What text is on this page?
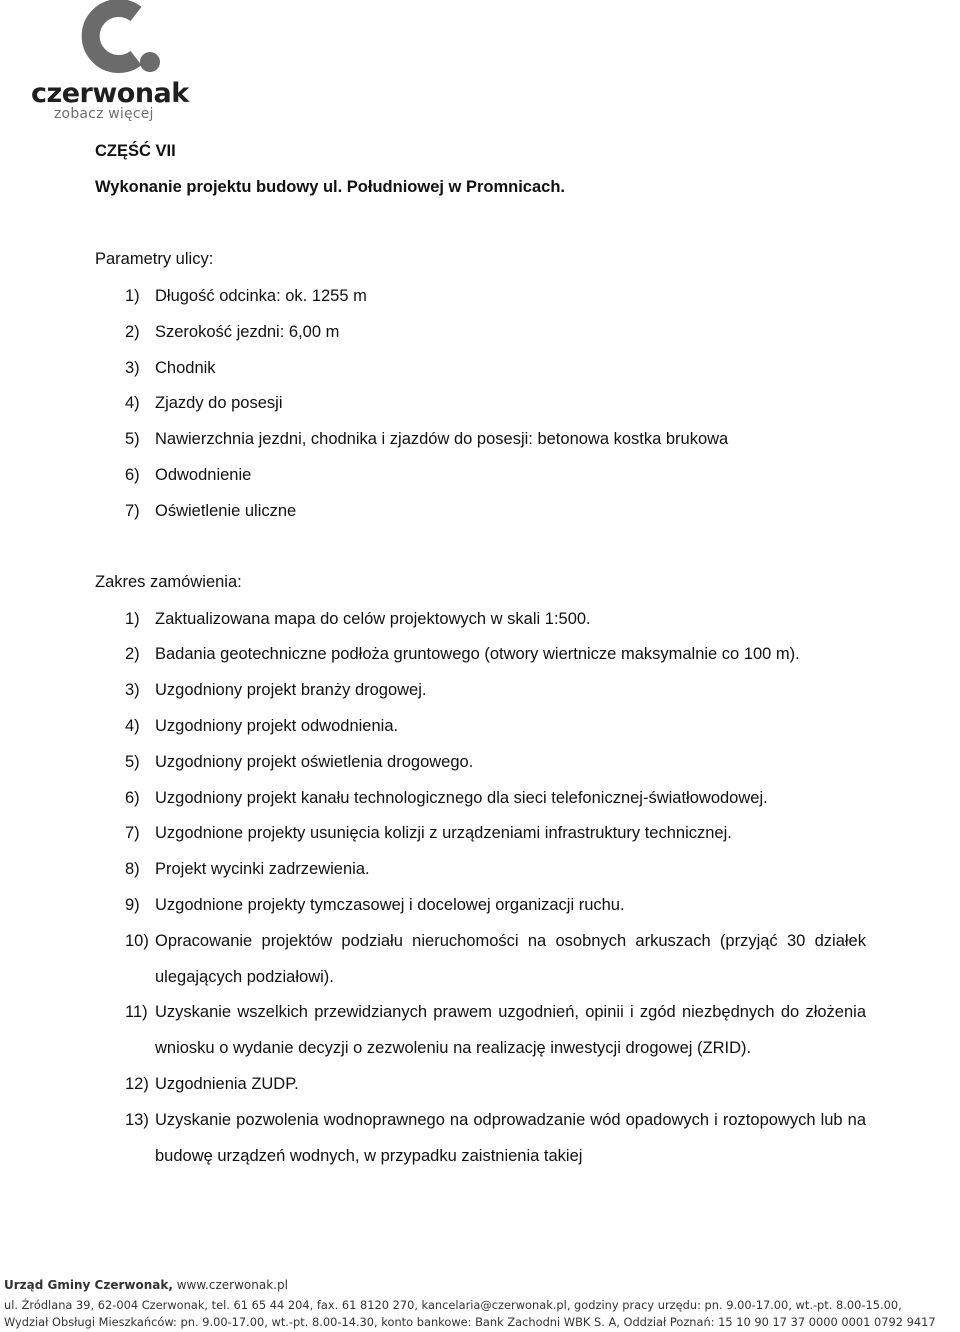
czerwonak
zobacz więcej
CZĘŚĆ VII
Wykonanie projektu budowy ul. Południowej w Promnicach.
Parametry ulicy:
1) Długość odcinka: ok. 1255 m
2) Szerokość jezdni: 6,00 m
3) Chodnik
4) Zjazdy do posesji
5) Nawierzchnia jezdni, chodnika i zjazdów do posesji: betonowa kostka brukowa
6) Odwodnienie
7) Oświetlenie uliczne
Zakres zamówienia:
1) Zaktualizowana mapa do celów projektowych w skali 1:500.
2) Badania geotechniczne podłoża gruntowego (otwory wiertnicze maksymalnie co 100 m).
3) Uzgodniony projekt branży drogowej.
4) Uzgodniony projekt odwodnienia.
5) Uzgodniony projekt oświetlenia drogowego.
6) Uzgodniony projekt kanału technologicznego dla sieci telefonicznej-światłowodowej.
7) Uzgodnione projekty usunięcia kolizji z urządzeniami infrastruktury technicznej.
8) Projekt wycinki zadrzewienia.
9) Uzgodnione projekty tymczasowej i docelowej organizacji ruchu.
10) Opracowanie projektów podziału nieruchomości na osobnych arkuszach (przyjąć 30 działek ulegających podziałowi).
11) Uzyskanie wszelkich przewidzianych prawem uzgodnień, opinii i zgód niezbędnych do złożenia wniosku o wydanie decyzji o zezwoleniu na realizację inwestycji drogowej (ZRID).
12) Uzgodnienia ZUDP.
13) Uzyskanie pozwolenia wodnoprawnego na odprowadzanie wód opadowych i roztopowych lub na budowę urządzeń wodnych, w przypadku zaistnienia takiej
Urząd Gminy Czerwonak, www.czerwonak.pl
ul. Źródlana 39, 62-004 Czerwonak, tel. 61 65 44 204, fax. 61 8120 270, kancelaria@czerwonak.pl, godziny pracy urzędu: pn. 9.00-17.00, wt.-pt. 8.00-15.00,
Wydział Obsługi Mieszkańców: pn. 9.00-17.00, wt.-pt. 8.00-14.30, konto bankowe: Bank Zachodni WBK S. A, Oddział Poznań: 15 10 90 17 37 0000 0001 0792 9417
